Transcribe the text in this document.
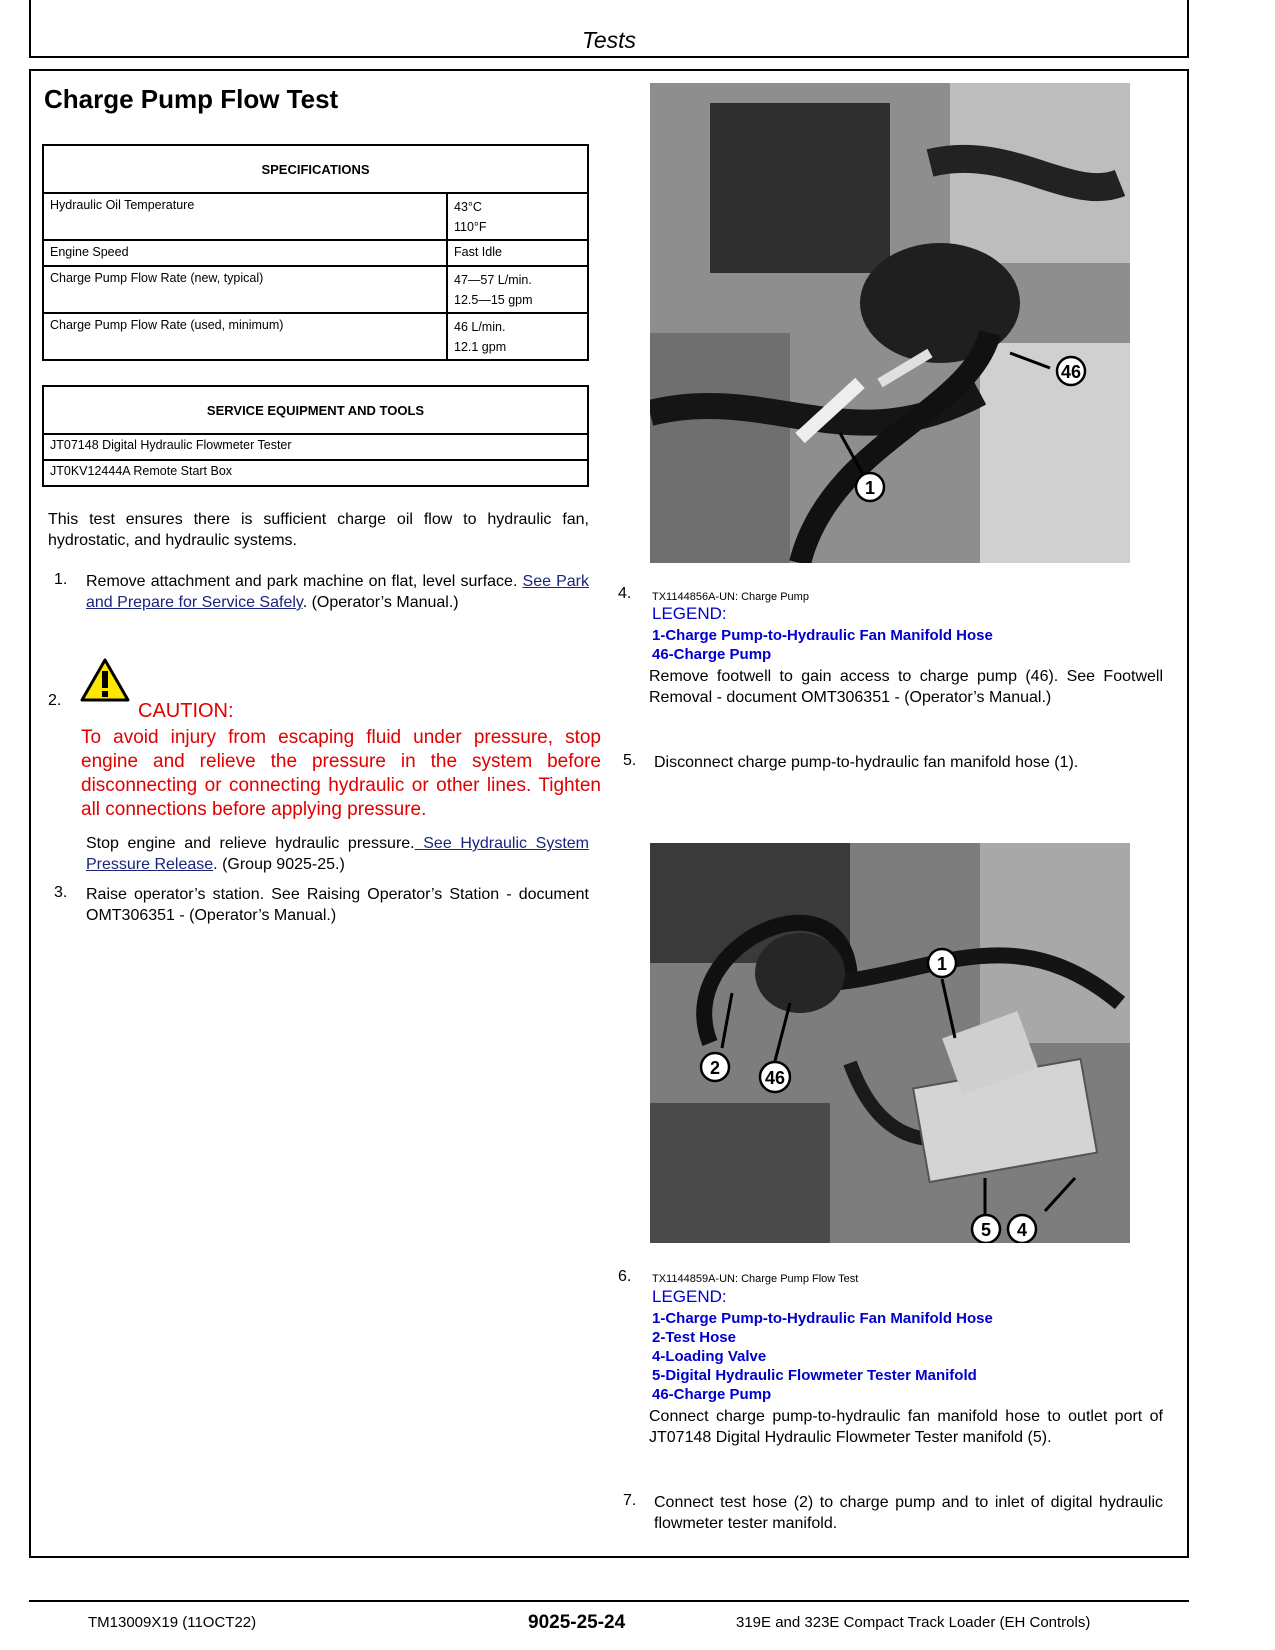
Tests
Charge Pump Flow Test
SPECIFICATIONS	
Hydraulic Oil Temperature	43°C
110°F

Engine Speed	Fast Idle
Charge Pump Flow Rate (new, typical)	47—57 L/min.
12.5—15 gpm

Charge Pump Flow Rate (used, minimum)	46 L/min.
12.1 gpm
SERVICE EQUIPMENT AND TOOLS
JT07148 Digital Hydraulic Flowmeter Tester
JT0KV12444A Remote Start Box
This test ensures there is sufficient charge oil flow to hydraulic fan, hydrostatic, and hydraulic systems.
1. Remove attachment and park machine on flat, level surface. See Park and Prepare for Service Safely. (Operator’s Manual.)
2.	CAUTION:
To avoid injury from escaping fluid under pressure, stop engine and relieve the pressure in the system before disconnecting or connecting hydraulic or other lines. Tighten all connections before applying pressure.
Stop engine and relieve hydraulic pressure. See Hydraulic System Pressure Release. (Group 9025-25.)
3. Raise operator’s station. See Raising Operator’s Station - document OMT306351 - (Operator’s Manual.)
46
1
4. TX1144856A-UN: Charge Pump
LEGEND:
1-Charge Pump-to-Hydraulic Fan Manifold Hose
46-Charge Pump
Remove footwell to gain access to charge pump (46). See Footwell Removal - document OMT306351 - (Operator’s Manual.)
5. Disconnect charge pump-to-hydraulic fan manifold hose (1).
1
2 46
5 4
6. TX1144859A-UN: Charge Pump Flow Test
LEGEND:
1-Charge Pump-to-Hydraulic Fan Manifold Hose
2-Test Hose
4-Loading Valve
5-Digital Hydraulic Flowmeter Tester Manifold
46-Charge Pump
Connect charge pump-to-hydraulic fan manifold hose to outlet port of JT07148 Digital Hydraulic Flowmeter Tester manifold (5).
7. Connect test hose (2) to charge pump and to inlet of digital hydraulic flowmeter tester manifold.
TM13009X19 (11OCT22)	9025-25-24	319E and 323E Compact Track Loader (EH Controls)
